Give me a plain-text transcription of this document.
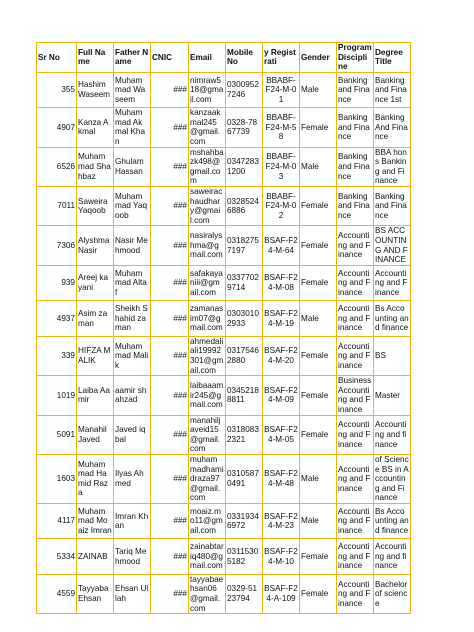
Sr No	Full Name	Father Name	CNIC	Email	Mobile No	y Registrati	Gender	Program Discipline	Degree Title
355	Hashim Waseem	Muhammad Waseem	###	nimraw518@gmail.com	03009527246	BBABF-F24-M-01	Male	Banking and Finance	Banking and Finance 1st
4907	Kanza Akmal	Muhammad Akmal Khan	###	kanzaakmal245@gmail.com	0328-7867739	BBABF-F24-M-58	Female	Banking and Finance	Banking And Finance
6526	Muhammad Shahbaz	Ghulam Hassan	###	mshahbazk498@gmail.com	03472831200	BBABF-F24-M-03	Male	Banking and Finance	BBA hons Banking and Finance
7011	Saweira Yaqoob	Muhammad Yaqoob	###	saweirachaudhary@gmail.com	03285246886	BBABF-F24-M-02	Female	Banking and Finance	Banking and Finance
7306	Alyshma Nasir	Nasir Mehmood	###	nasiralyshma@gmail.com	03182757197	BSAF-F24-M-64	Female	Accounting and Finance	BS ACCOUNTING AND FINANCE
939	Areej kayani	Muhammad Altaf	###	safakayaniii@gmail.com	03377029714	BSAF-F24-M-08	Female	Accounting and Finance	Accounting and Finance
4937	Asim zaman	Sheikh Shahid zaman	###	zamanasim07@gmail.com	03030102933	BSAF-F24-M-19	Male	Accounting and Finance	Bs Accounting and finance
339	HIFZA MALIK	Muhammad Malik	###	ahmedaliali19992301@gmail.com	03175462880	BSAF-F24-M-20	Female	Accounting and Finance	BS
1019	Laiba Aamir	aamir shahzad	###	laibaaamir245@gmail.com	03452188811	BSAF-F24-M-09	Female	Business Accounting and Finance	Master
5091	Manahil Javed	Javed iqbal	###	manahiljaveid15@gmail.com	03180832321	BSAF-F24-M-05	Female	Accounting and Finance	Accounting and finance
1603	Muhammad Hamid Raza	Ilyas Ahmed	###	muhammadhamidraza97@gmail.com	03105870491	BSAF-F24-M-48	Male	Accounting and Finance	of Science BS in Accounting and Finance
4117	Muhammad Moaiz Imran	Imran Khan	###	moaiz.mo11@gmail.com	03319346972	BSAF-F24-M-23	Male	Accounting and Finance	Bs Accounting and finance
5334	ZAINAB	Tariq Mehmood	###	zainabtariq480@gmail.com	03115305182	BSAF-F24-M-10	Female	Accounting and Finance	Accounting and finance
4559	Tayyaba Ehsan	Ehsan Ullah	###	tayyabaehsan06@gmail.com	0329-5123794	BSAF-F24-A-109	Female	Accounting and Finance	Bachelor of science
